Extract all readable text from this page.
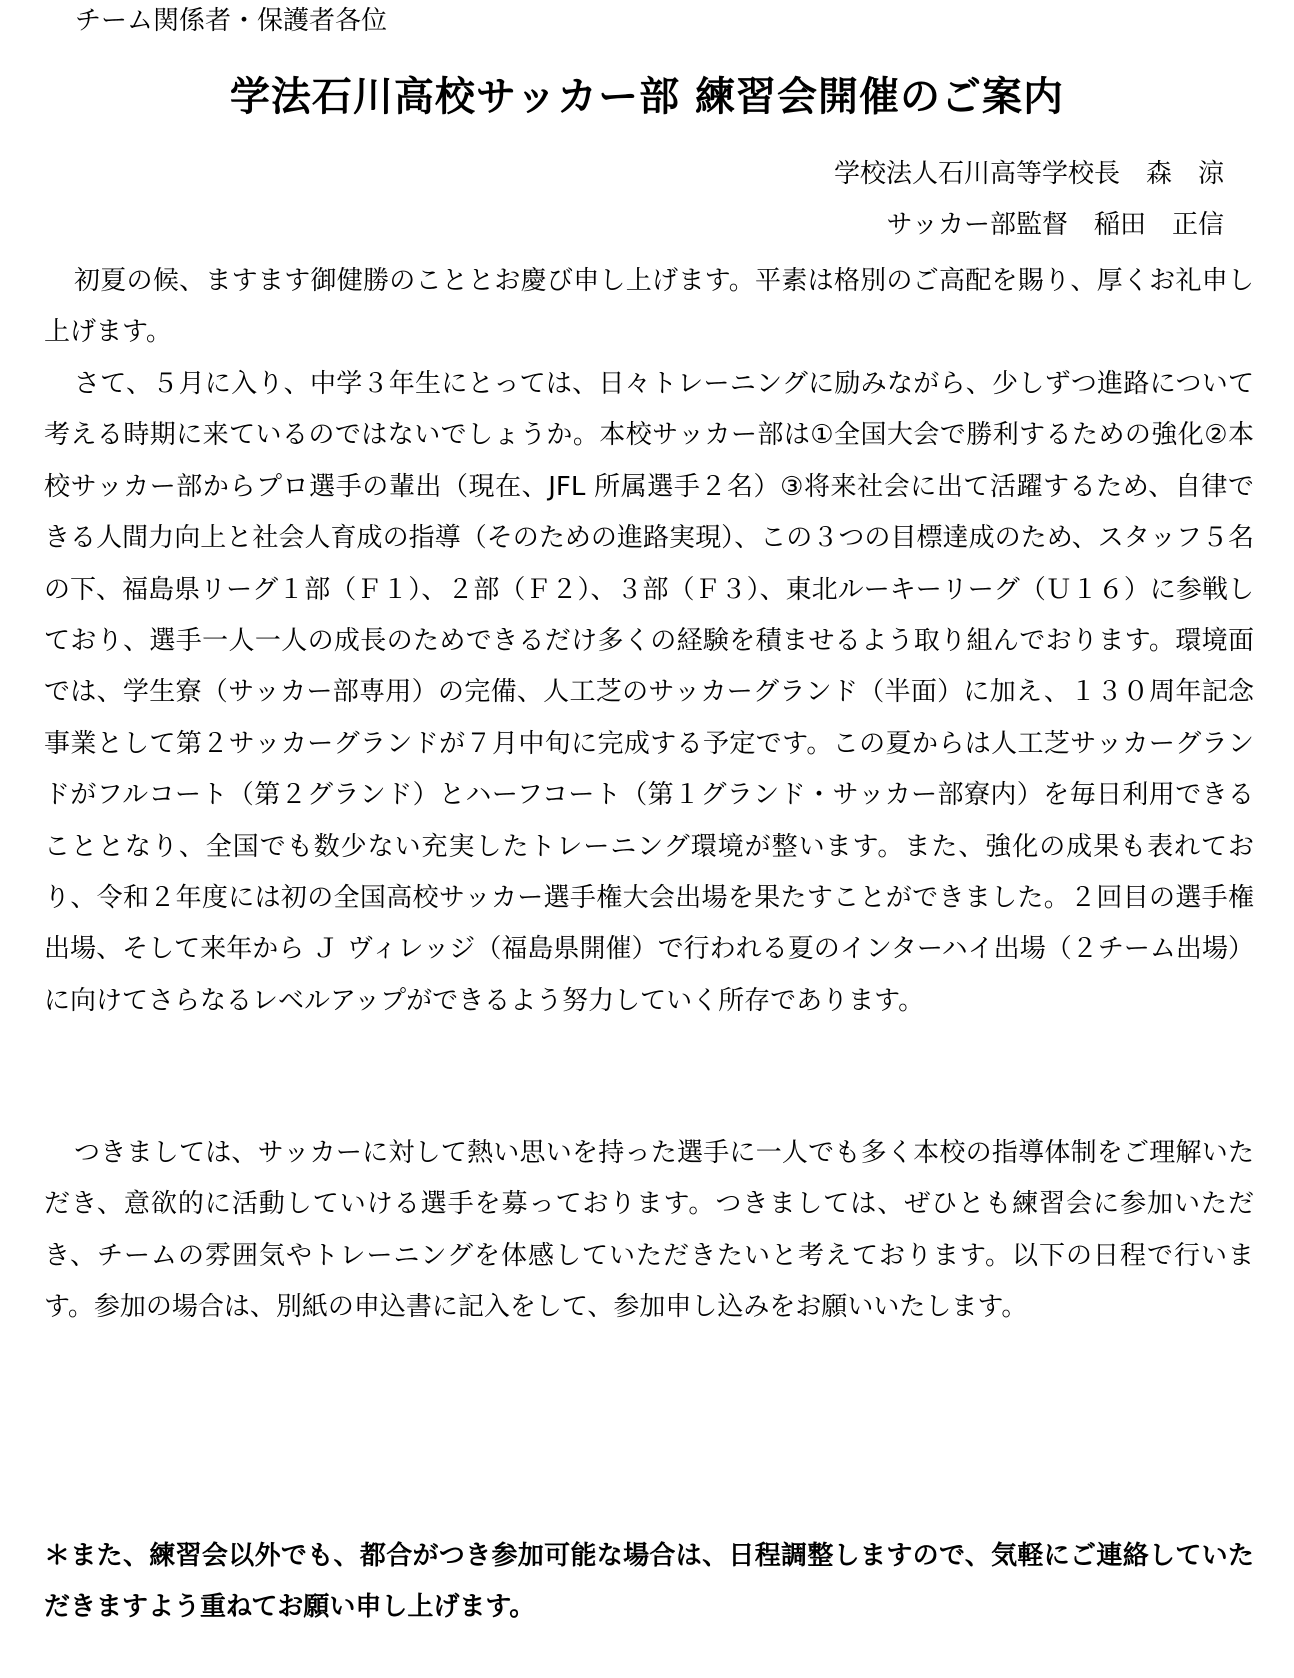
チーム関係者・保護者各位
学法石川高校サッカー部 練習会開催のご案内
学校法人石川高等学校長　森　涼
サッカー部監督　稲田　正信

初夏の候、ますます御健勝のこととお慶び申し上げます。平素は格別のご高配を賜り、厚くお礼申し上げます。

さて、５月に入り、中学３年生にとっては、日々トレーニングに励みながら、少しずつ進路について考える時期に来ているのではないでしょうか。本校サッカー部は①全国大会で勝利するための強化②本校サッカー部からプロ選手の輩出（現在、JFL 所属選手２名）③将来社会に出て活躍するため、自律できる人間力向上と社会人育成の指導（そのための進路実現）、この３つの目標達成のため、スタッフ５名の下、福島県リーグ１部（Ｆ１）、２部（Ｆ２）、３部（Ｆ３）、東北ルーキーリーグ（Ｕ１６）に参戦しており、選手一人一人の成長のためできるだけ多くの経験を積ませるよう取り組んでおります。環境面では、学生寮（サッカー部専用）の完備、人工芝のサッカーグランド（半面）に加え、１３０周年記念事業として第２サッカーグランドが７月中旬に完成する予定です。この夏からは人工芝サッカーグランドがフルコート（第２グランド）とハーフコート（第１グランド・サッカー部寮内）を毎日利用できることとなり、全国でも数少ない充実したトレーニング環境が整います。また、強化の成果も表れており、令和２年度には初の全国高校サッカー選手権大会出場を果たすことができました。２回目の選手権出場、そして来年から Ｊ ヴィレッジ（福島県開催）で行われる夏のインターハイ出場（２チーム出場）に向けてさらなるレベルアップができるよう努力していく所存であります。

つきましては、サッカーに対して熱い思いを持った選手に一人でも多く本校の指導体制をご理解いただき、意欲的に活動していける選手を募っております。つきましては、ぜひとも練習会に参加いただき、チームの雰囲気やトレーニングを体感していただきたいと考えております。以下の日程で行います。参加の場合は、別紙の申込書に記入をして、参加申し込みをお願いいたします。

＊また、練習会以外でも、都合がつき参加可能な場合は、日程調整しますので、気軽にご連絡していただきますよう重ねてお願い申し上げます。
